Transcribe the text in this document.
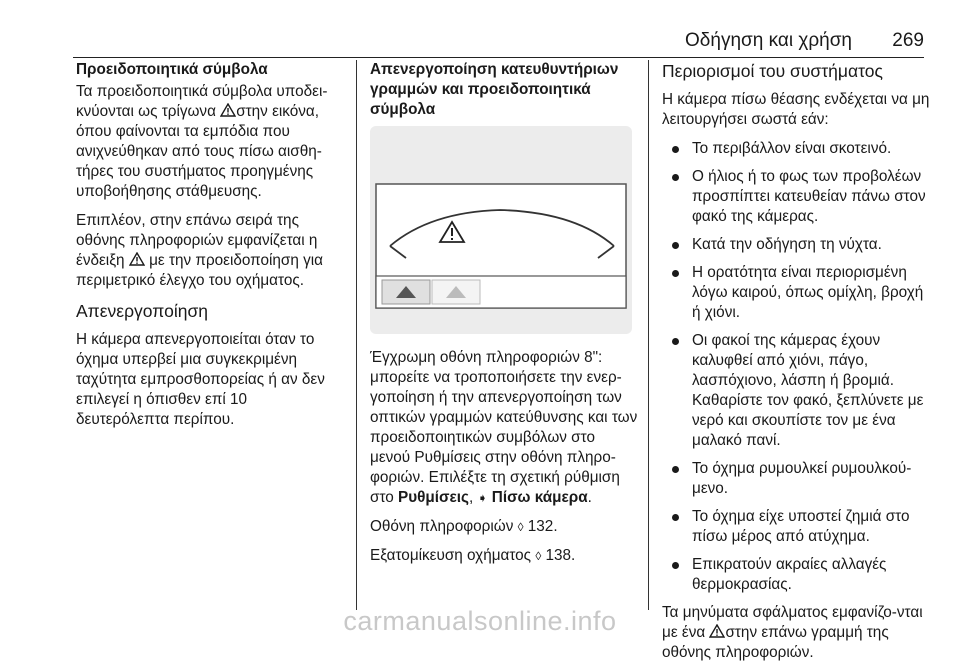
Οδήγηση και χρήση 269
Προειδοποιητικά σύμβολα

Τα προειδοποιητικά σύμβολα υποδει-κνύονται ως τρίγωνα στην εικόνα, όπου φαίνονται τα εμπόδια που ανιχνεύθηκαν από τους πίσω αισθη-τήρες του συστήματος προηγμένης υποβοήθησης στάθμευσης.

Επιπλέον, στην επάνω σειρά της οθόνης πληροφοριών εμφανίζεται η ένδειξη  με την προειδοποίηση για περιμετρικό έλεγχο του οχήματος.

Απενεργοποίηση

Η κάμερα απενεργοποιείται όταν το όχημα υπερβεί μια συγκεκριμένη ταχύτητα εμπροσθοπορείας ή αν δεν επιλεγεί η όπισθεν επί 10 δευτερόλεπτα περίπου.

Απενεργοποίηση κατευθυντήριων γραμμών και προειδοποιητικά σύμβολα

Έγχρωμη οθόνη πληροφοριών 8": μπορείτε να τροποποιήσετε την ενερ-γοποίηση ή την απενεργοποίηση των οπτικών γραμμών κατεύθυνσης και των προειδοποιητικών συμβόλων στο μενού Ρυθμίσεις στην οθόνη πληρο-φοριών. Επιλέξτε τη σχετική ρύθμιση στο Ρυθμίσεις, ➧ Πίσω κάμερα.

Οθόνη πληροφοριών ◊ 132.

Εξατομίκευση οχήματος ◊ 138.

Περιορισμοί του συστήματος

Η κάμερα πίσω θέασης ενδέχεται να μη λειτουργήσει σωστά εάν:

Το περιβάλλον είναι σκοτεινό.
Ο ήλιος ή το φως των προβολέων προσπίπτει κατευθείαν πάνω στον φακό της κάμερας.
Κατά την οδήγηση τη νύχτα.
Η ορατότητα είναι περιορισμένη λόγω καιρού, όπως ομίχλη, βροχή ή χιόνι.
Οι φακοί της κάμερας έχουν καλυφθεί από χιόνι, πάγο, λασπόχιονο, λάσπη ή βρομιά. Καθαρίστε τον φακό, ξεπλύνετε με νερό και σκουπίστε τον με ένα μαλακό πανί.
Το όχημα ρυμουλκεί ρυμουλκού-μενο.
Το όχημα είχε υποστεί ζημιά στο πίσω μέρος από ατύχημα.
Επικρατούν ακραίες αλλαγές θερμοκρασίας.

Τα μηνύματα σφάλματος εμφανίζο-νται με ένα στην επάνω γραμμή της οθόνης πληροφοριών.

carmanualsonline.info
